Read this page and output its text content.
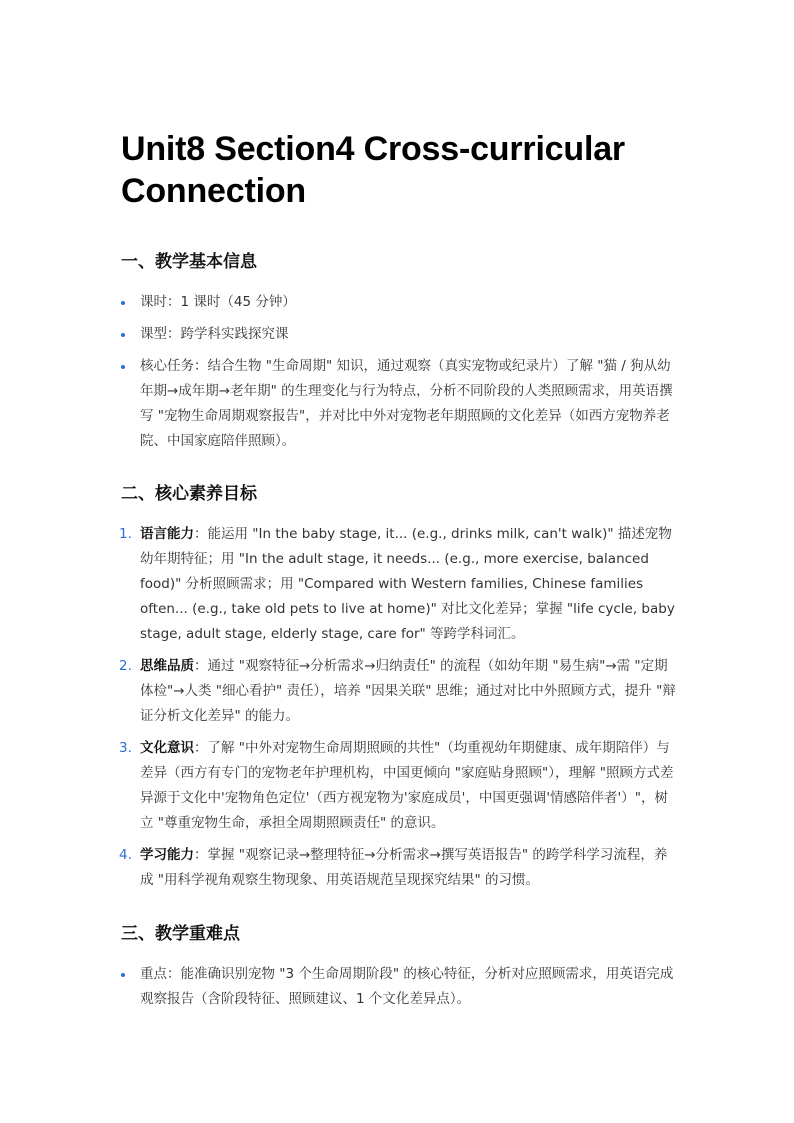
Unit8 Section4 Cross-curricular Connection
一、教学基本信息
课时：1 课时（45 分钟）
课型：跨学科实践探究课
核心任务：结合生物 "生命周期" 知识，通过观察（真实宠物或纪录片）了解 "猫 / 狗从幼年期→成年期→老年期" 的生理变化与行为特点，分析不同阶段的人类照顾需求，用英语撰写 "宠物生命周期观察报告"，并对比中外对宠物老年期照顾的文化差异（如西方宠物养老院、中国家庭陪伴照顾）。
二、核心素养目标
1. 语言能力：能运用 "In the baby stage, it... (e.g., drinks milk, can't walk)" 描述宠物幼年期特征；用 "In the adult stage, it needs... (e.g., more exercise, balanced food)" 分析照顾需求；用 "Compared with Western families, Chinese families often... (e.g., take old pets to live at home)" 对比文化差异；掌握 "life cycle, baby stage, adult stage, elderly stage, care for" 等跨学科词汇。
2. 思维品质：通过 "观察特征→分析需求→归纳责任" 的流程（如幼年期 "易生病"→需 "定期体检"→人类 "细心看护" 责任），培养 "因果关联" 思维；通过对比中外照顾方式，提升 "辩证分析文化差异" 的能力。
3. 文化意识：了解 "中外对宠物生命周期照顾的共性"（均重视幼年期健康、成年期陪伴）与差异（西方有专门的宠物老年护理机构，中国更倾向 "家庭贴身照顾"），理解 "照顾方式差异源于文化中'宠物角色定位'（西方视宠物为'家庭成员'，中国更强调'情感陪伴者'）"，树立 "尊重宠物生命，承担全周期照顾责任" 的意识。
4. 学习能力：掌握 "观察记录→整理特征→分析需求→撰写英语报告" 的跨学科学习流程，养成 "用科学视角观察生物现象、用英语规范呈现探究结果" 的习惯。
三、教学重难点
重点：能准确识别宠物 "3 个生命周期阶段" 的核心特征，分析对应照顾需求，用英语完成观察报告（含阶段特征、照顾建议、1 个文化差异点）。
